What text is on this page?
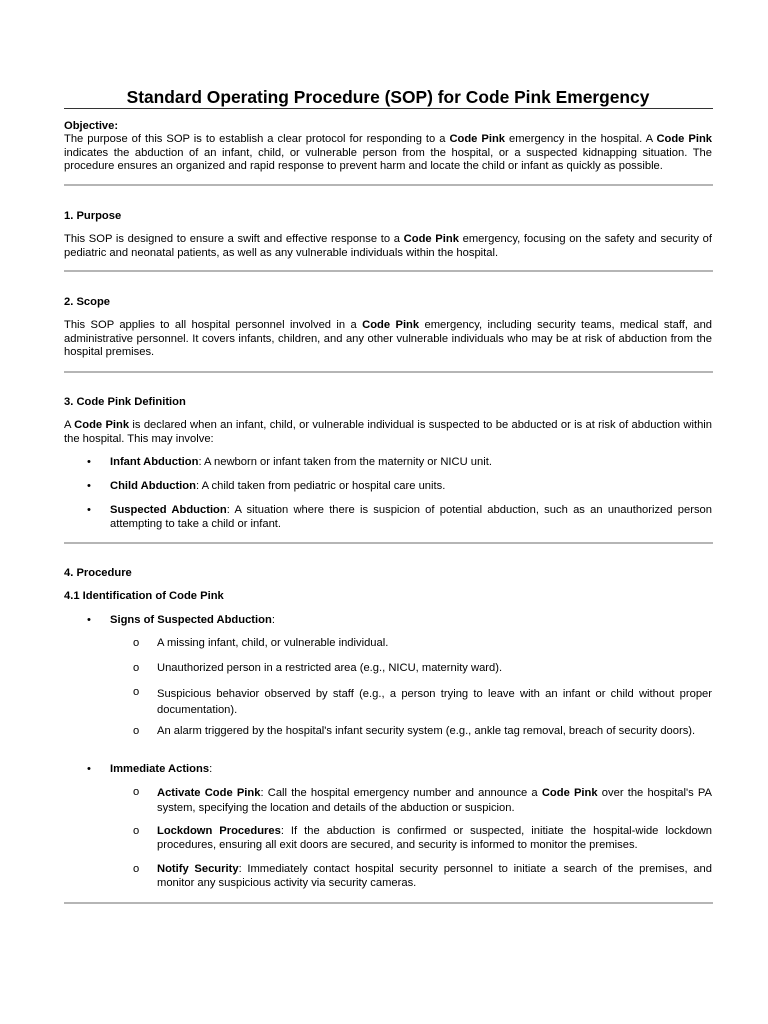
Standard Operating Procedure (SOP) for Code Pink Emergency
Objective:
The purpose of this SOP is to establish a clear protocol for responding to a Code Pink emergency in the hospital. A Code Pink indicates the abduction of an infant, child, or vulnerable person from the hospital, or a suspected kidnapping situation. The procedure ensures an organized and rapid response to prevent harm and locate the child or infant as quickly as possible.
1. Purpose
This SOP is designed to ensure a swift and effective response to a Code Pink emergency, focusing on the safety and security of pediatric and neonatal patients, as well as any vulnerable individuals within the hospital.
2. Scope
This SOP applies to all hospital personnel involved in a Code Pink emergency, including security teams, medical staff, and administrative personnel. It covers infants, children, and any other vulnerable individuals who may be at risk of abduction from the hospital premises.
3. Code Pink Definition
A Code Pink is declared when an infant, child, or vulnerable individual is suspected to be abducted or is at risk of abduction within the hospital. This may involve:
•	Infant Abduction: A newborn or infant taken from the maternity or NICU unit.
•	Child Abduction: A child taken from pediatric or hospital care units.
•	Suspected Abduction: A situation where there is suspicion of potential abduction, such as an unauthorized person attempting to take a child or infant.
4. Procedure
4.1 Identification of Code Pink
•	Signs of Suspected Abduction:
o	A missing infant, child, or vulnerable individual.
o	Unauthorized person in a restricted area (e.g., NICU, maternity ward).
o	Suspicious behavior observed by staff (e.g., a person trying to leave with an infant or child without proper documentation).
o	An alarm triggered by the hospital's infant security system (e.g., ankle tag removal, breach of security doors).
•	Immediate Actions:
o	Activate Code Pink: Call the hospital emergency number and announce a Code Pink over the hospital's PA system, specifying the location and details of the abduction or suspicion.
o	Lockdown Procedures: If the abduction is confirmed or suspected, initiate the hospital-wide lockdown procedures, ensuring all exit doors are secured, and security is informed to monitor the premises.
o	Notify Security: Immediately contact hospital security personnel to initiate a search of the premises, and monitor any suspicious activity via security cameras.
